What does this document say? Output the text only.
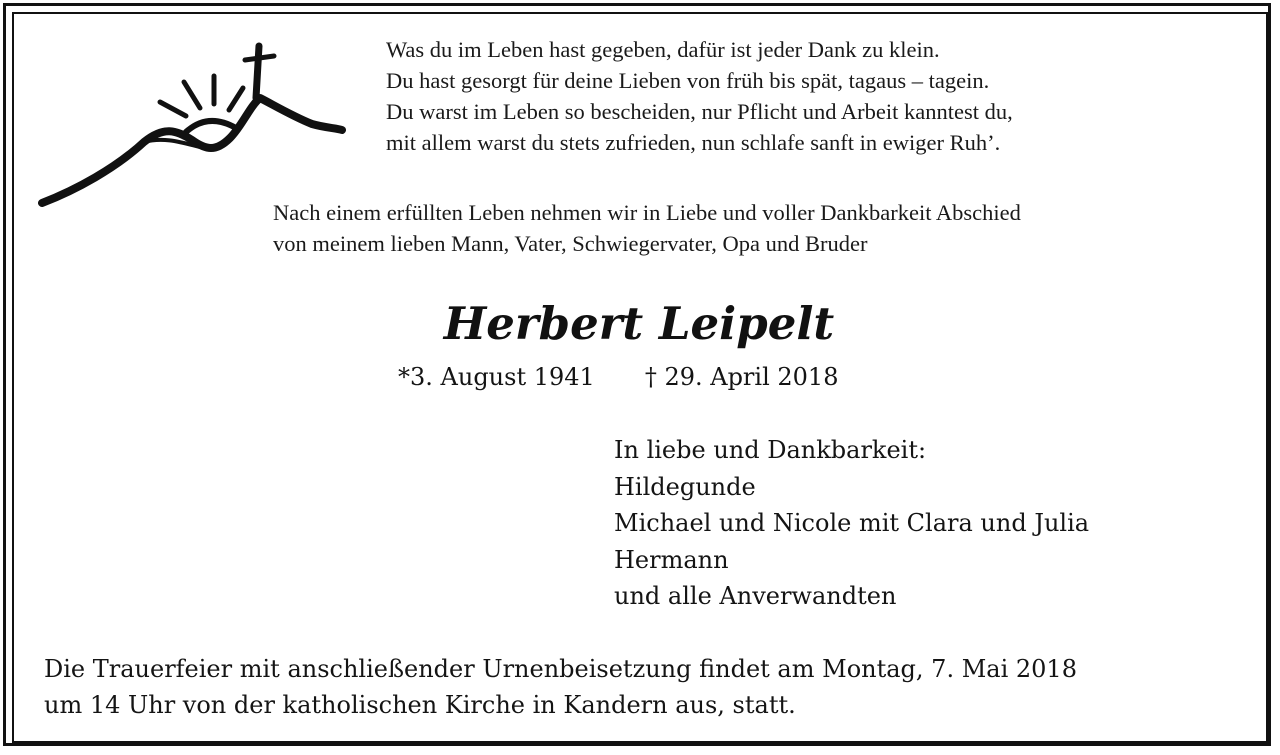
Was du im Leben hast gegeben, dafür ist jeder Dank zu klein.
Du hast gesorgt für deine Lieben von früh bis spät, tagaus – tagein.
Du warst im Leben so bescheiden, nur Pflicht und Arbeit kanntest du,
mit allem warst du stets zufrieden, nun schlafe sanft in ewiger Ruh’.
Nach einem erfüllten Leben nehmen wir in Liebe und voller Dankbarkeit Abschied
von meinem lieben Mann, Vater, Schwiegervater, Opa und Bruder
Herbert Leipelt
*3. August 1941 † 29. April 2018
In liebe und Dankbarkeit:
Hildegunde
Michael und Nicole mit Clara und Julia
Hermann
und alle Anverwandten
Die Trauerfeier mit anschließender Urnenbeisetzung findet am Montag, 7. Mai 2018
um 14 Uhr von der katholischen Kirche in Kandern aus, statt.
